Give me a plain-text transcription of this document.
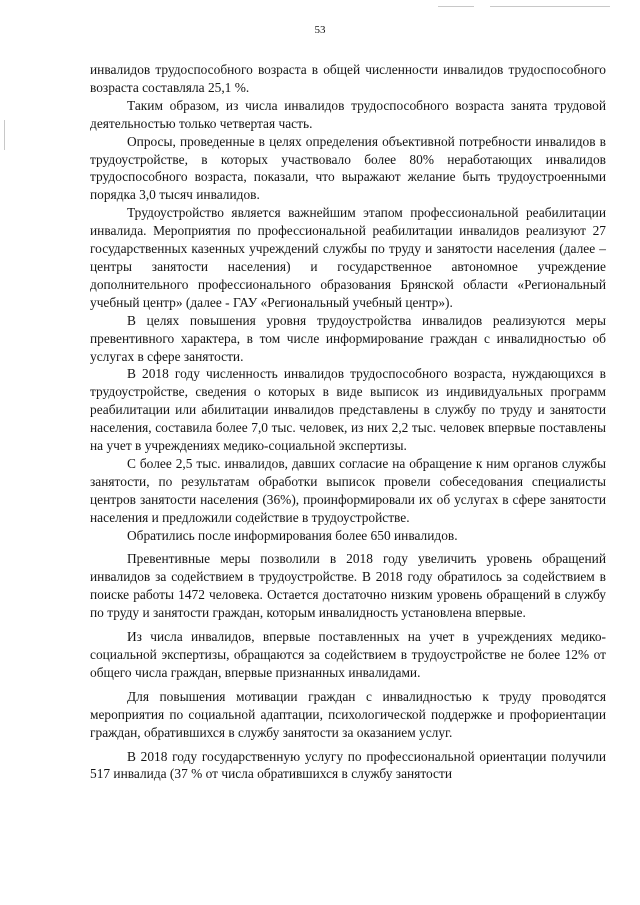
53

инвалидов трудоспособного возраста в общей численности инвалидов трудоспособного возраста составляла 25,1 %.

Таким образом, из числа инвалидов трудоспособного возраста занята трудовой деятельностью только четвертая часть.

Опросы, проведенные в целях определения объективной потребности инвалидов в трудоустройстве, в которых участвовало более 80% неработающих инвалидов трудоспособного возраста, показали, что выражают желание быть трудоустроенными порядка 3,0 тысяч инвалидов.

Трудоустройство является важнейшим этапом профессиональной реабилитации инвалида. Мероприятия по профессиональной реабилитации инвалидов реализуют 27 государственных казенных учреждений службы по труду и занятости населения (далее – центры занятости населения) и государственное автономное учреждение дополнительного профессионального образования Брянской области «Региональный учебный центр» (далее - ГАУ «Региональный учебный центр»).

В целях повышения уровня трудоустройства инвалидов реализуются меры превентивного характера, в том числе информирование граждан с инвалидностью об услугах в сфере занятости.

В 2018 году численность инвалидов трудоспособного возраста, нуждающихся в трудоустройстве, сведения о которых в виде выписок из индивидуальных программ реабилитации или абилитации инвалидов представлены в службу по труду и занятости населения, составила более 7,0 тыс. человек, из них 2,2 тыс. человек впервые поставлены на учет в учреждениях медико-социальной экспертизы.

С более 2,5 тыс. инвалидов, давших согласие на обращение к ним органов службы занятости, по результатам обработки выписок провели собеседования специалисты центров занятости населения (36%), проинформировали их об услугах в сфере занятости населения и предложили содействие в трудоустройстве.

Обратились после информирования более 650 инвалидов.

Превентивные меры позволили в 2018 году увеличить уровень обращений инвалидов за содействием в трудоустройстве. В 2018 году обратилось за содействием в поиске работы 1472 человека. Остается достаточно низким уровень обращений в службу по труду и занятости граждан, которым инвалидность установлена впервые.

Из числа инвалидов, впервые поставленных на учет в учреждениях медико-социальной экспертизы, обращаются за содействием в трудоустройстве не более 12% от общего числа граждан, впервые признанных инвалидами.

Для повышения мотивации граждан с инвалидностью к труду проводятся мероприятия по социальной адаптации, психологической поддержке и профориентации граждан, обратившихся в службу занятости за оказанием услуг.

В 2018 году государственную услугу по профессиональной ориентации получили 517 инвалида (37 % от числа обратившихся в службу занятости
